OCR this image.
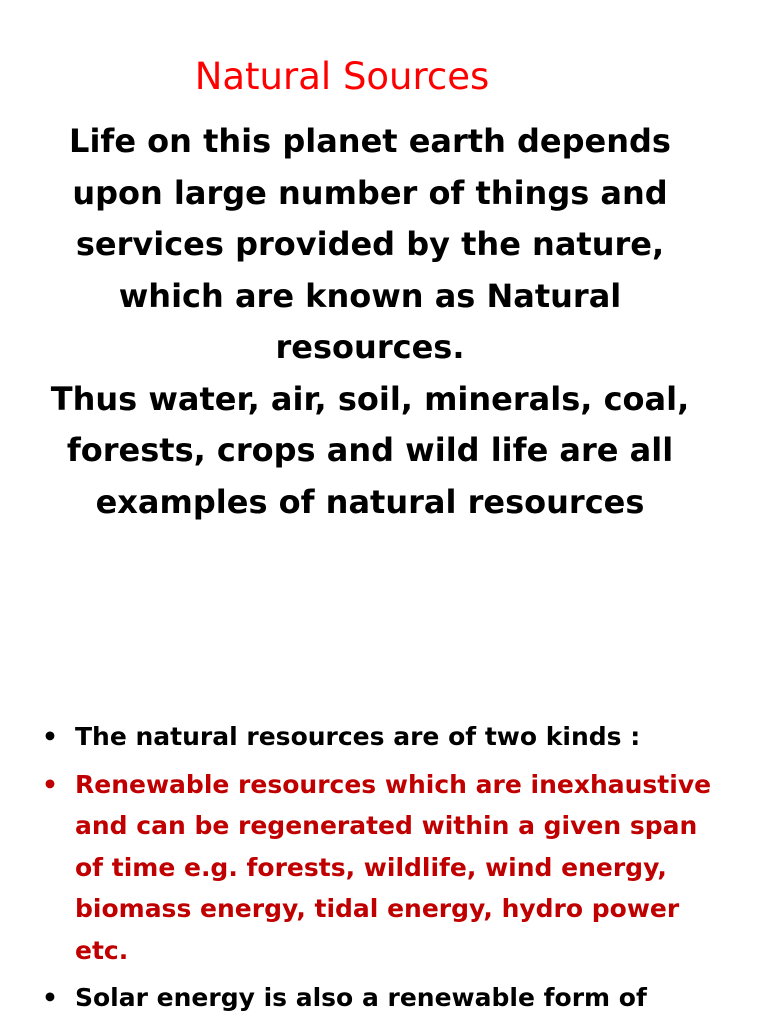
Natural Sources

Life on this planet earth depends upon large number of things and services provided by the nature, which are known as Natural resources.

Thus water, air, soil, minerals, coal, forests, crops and wild life are all examples of natural resources

• The natural resources are of two kinds :
• Renewable resources which are inexhaustive and can be regenerated within a given span of time e.g. forests, wildlife, wind energy, biomass energy, tidal energy, hydro power etc.
• Solar energy is also a renewable form of
